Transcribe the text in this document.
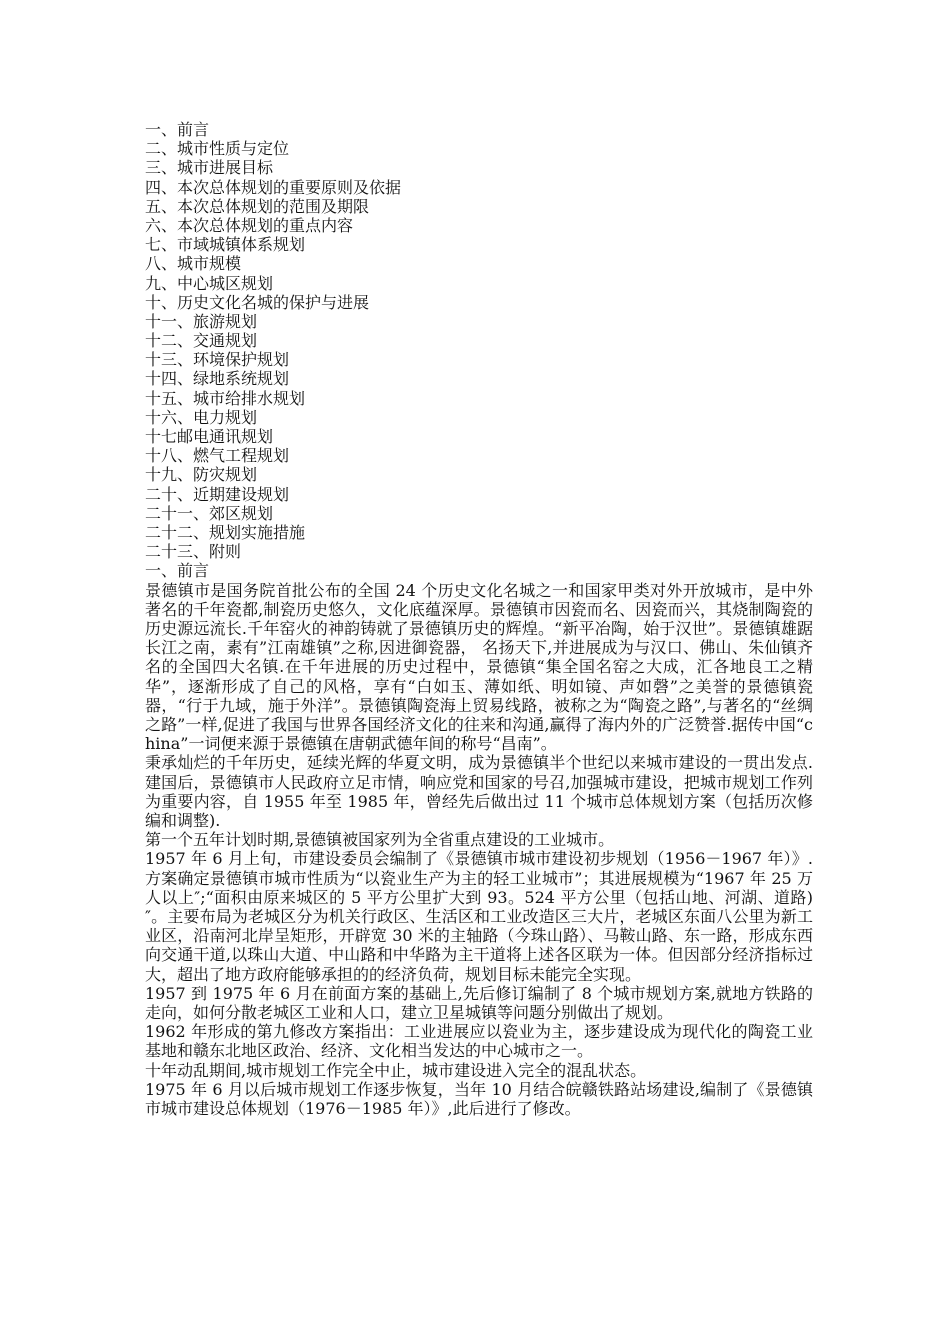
一、前言
二、城市性质与定位
三、城市进展目标
四、本次总体规划的重要原则及依据
五、本次总体规划的范围及期限
六、本次总体规划的重点内容
七、市域城镇体系规划
八、城市规模
九、中心城区规划
十、历史文化名城的保护与进展
十一、旅游规划
十二、交通规划
十三、环境保护规划
十四、绿地系统规划
十五、城市给排水规划
十六、电力规划
十七邮电通讯规划
十八、燃气工程规划
十九、防灾规划
二十、近期建设规划
二十一、郊区规划
二十二、规划实施措施
二十三、附则
一、前言

景德镇市是国务院首批公布的全国 24 个历史文化名城之一和国家甲类对外开放城市，是中外著名的千年瓷都,制瓷历史悠久，文化底蕴深厚。景德镇市因瓷而名、因瓷而兴，其烧制陶瓷的历史源远流长.千年窑火的神韵铸就了景德镇历史的辉煌。“新平冶陶，始于汉世”。景德镇雄踞长江之南，素有”江南雄镇”之称,因进御瓷器， 名扬天下,并进展成为与汉口、佛山、朱仙镇齐名的全国四大名镇.在千年进展的历史过程中，景德镇“集全国名窑之大成，汇各地良工之精华”，逐渐形成了自己的风格，享有“白如玉、薄如纸、明如镜、声如磬”之美誉的景德镇瓷器，“行于九域，施于外洋”。景德镇陶瓷海上贸易线路，被称之为“陶瓷之路”,与著名的“丝绸之路”一样,促进了我国与世界各国经济文化的往来和沟通,赢得了海内外的广泛赞誉.据传中国“china”一词便来源于景德镇在唐朝武德年间的称号“昌南”。

秉承灿烂的千年历史，延续光辉的华夏文明，成为景德镇半个世纪以来城市建设的一贯出发点.建国后，景德镇市人民政府立足市情，响应党和国家的号召,加强城市建设，把城市规划工作列为重要内容，自 1955 年至 1985 年，曾经先后做出过 11 个城市总体规划方案（包括历次修编和调整).

第一个五年计划时期,景德镇被国家列为全省重点建设的工业城市。

1957 年 6 月上旬，市建设委员会编制了《景德镇市城市建设初步规划（1956－1967 年）》.方案确定景德镇市城市性质为“以瓷业生产为主的轻工业城市”；其进展规模为“1967 年 25 万人以上″;“面积由原来城区的 5 平方公里扩大到 93。524 平方公里（包括山地、河湖、道路)″。主要布局为老城区分为机关行政区、生活区和工业改造区三大片，老城区东面八公里为新工业区，沿南河北岸呈矩形，开辟宽 30 米的主轴路（今珠山路）、马鞍山路、东一路，形成东西向交通干道,以珠山大道、中山路和中华路为主干道将上述各区联为一体。但因部分经济指标过大，超出了地方政府能够承担的的经济负荷，规划目标未能完全实现。

1957 到 1975 年 6 月在前面方案的基础上,先后修订编制了 8 个城市规划方案,就地方铁路的走向，如何分散老城区工业和人口，建立卫星城镇等问题分别做出了规划。

1962 年形成的第九修改方案指出：工业进展应以瓷业为主，逐步建设成为现代化的陶瓷工业基地和赣东北地区政治、经济、文化相当发达的中心城市之一。

十年动乱期间,城市规划工作完全中止，城市建设进入完全的混乱状态。

1975 年 6 月以后城市规划工作逐步恢复，当年 10 月结合皖赣铁路站场建设,编制了《景德镇市城市建设总体规划（1976－1985 年）》,此后进行了修改。
